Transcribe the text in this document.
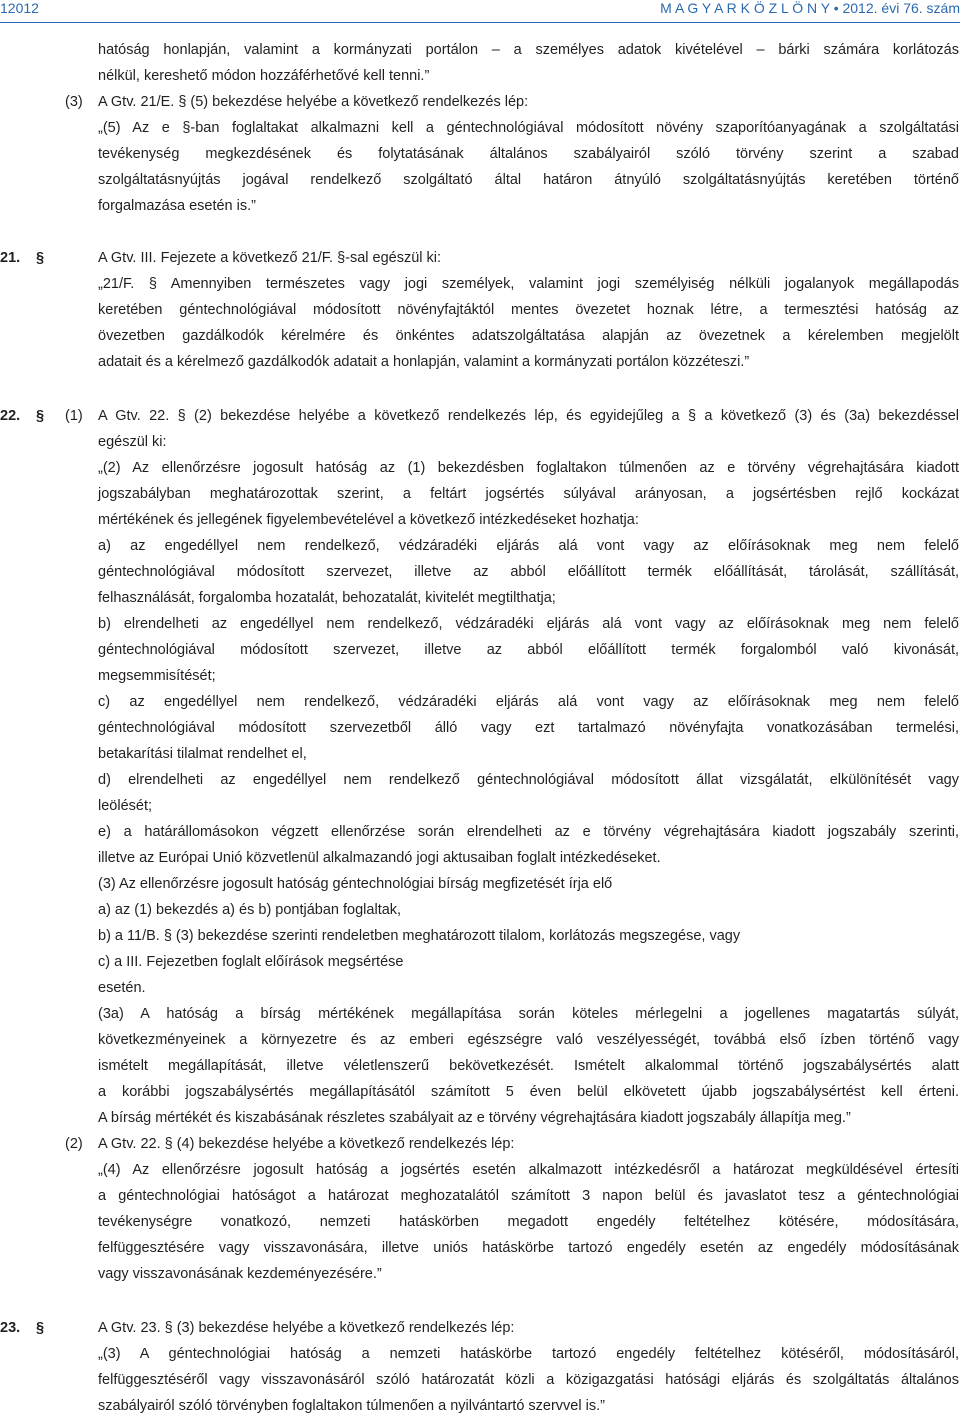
12012	M A G Y A R K Ö Z L Ö N Y • 2012. évi 76. szám
hatóság honlapján, valamint a kormányzati portálon – a személyes adatok kivételével – bárki számára korlátozás
nélkül, kereshető módon hozzáférhetővé kell tenni.”
(3) A Gtv. 21/E. § (5) bekezdése helyébe a következő rendelkezés lép:
„(5) Az e §-ban foglaltakat alkalmazni kell a géntechnológiával módosított növény szaporítóanyagának a szolgáltatási
tevékenység megkezdésének és folytatásának általános szabályairól szóló törvény szerint a szabad
szolgáltatásnyújtás jogával rendelkező szolgáltató által határon átnyúló szolgáltatásnyújtás keretében történő
forgalmazása esetén is.”
21. §	A Gtv. III. Fejezete a következő 21/F. §-sal egészül ki:
„21/F. § Amennyiben természetes vagy jogi személyek, valamint jogi személyiség nélküli jogalanyok megállapodás
keretében géntechnológiával módosított növényfajtáktól mentes övezetet hoznak létre, a termesztési hatóság az
övezetben gazdálkodók kérelmére és önkéntes adatszolgáltatása alapján az övezetnek a kérelemben megjelölt
adatait és a kérelmező gazdálkodók adatait a honlapján, valamint a kormányzati portálon közzéteszi.”
22. § (1) A Gtv. 22. § (2) bekezdése helyébe a következő rendelkezés lép, és egyidejűleg a § a következő (3) és (3a) bekezdéssel
egészül ki:
„(2) Az ellenőrzésre jogosult hatóság az (1) bekezdésben foglaltakon túlmenően az e törvény végrehajtására kiadott
jogszabályban meghatározottak szerint, a feltárt jogsértés súlyával arányosan, a jogsértésben rejlő kockázat
mértékének és jellegének figyelembevételével a következő intézkedéseket hozhatja:
a) az engedéllyel nem rendelkező, védzáradéki eljárás alá vont vagy az előírásoknak meg nem felelő
géntechnológiával módosított szervezet, illetve az abból előállított termék előállítását, tárolását, szállítását,
felhasználását, forgalomba hozatalát, behozatalát, kivitelét megtilthatja;
b) elrendelheti az engedéllyel nem rendelkező, védzáradéki eljárás alá vont vagy az előírásoknak meg nem felelő
géntechnológiával módosított szervezet, illetve az abból előállított termék forgalomból való kivonását,
megsemmisítését;
c) az engedéllyel nem rendelkező, védzáradéki eljárás alá vont vagy az előírásoknak meg nem felelő
géntechnológiával módosított szervezetből álló vagy ezt tartalmazó növényfajta vonatkozásában termelési,
betakarítási tilalmat rendelhet el,
d) elrendelheti az engedéllyel nem rendelkező géntechnológiával módosított állat vizsgálatát, elkülönítését vagy
leölését;
e) a határállomásokon végzett ellenőrzése során elrendelheti az e törvény végrehajtására kiadott jogszabály szerinti,
illetve az Európai Unió közvetlenül alkalmazandó jogi aktusaiban foglalt intézkedéseket.
(3) Az ellenőrzésre jogosult hatóság géntechnológiai bírság megfizetését írja elő
a) az (1) bekezdés a) és b) pontjában foglaltak,
b) a 11/B. § (3) bekezdése szerinti rendeletben meghatározott tilalom, korlátozás megszegése, vagy
c) a III. Fejezetben foglalt előírások megsértése
esetén.
(3a) A hatóság a bírság mértékének megállapítása során köteles mérlegelni a jogellenes magatartás súlyát,
következményeinek a környezetre és az emberi egészségre való veszélyességét, továbbá első ízben történő vagy
ismételt megállapítását, illetve véletlenszerű bekövetkezését. Ismételt alkalommal történő jogszabálysértés alatt
a korábbi jogszabálysértés megállapításától számított 5 éven belül elkövetett újabb jogszabálysértést kell érteni.
A bírság mértékét és kiszabásának részletes szabályait az e törvény végrehajtására kiadott jogszabály állapítja meg.”
(2) A Gtv. 22. § (4) bekezdése helyébe a következő rendelkezés lép:
„(4) Az ellenőrzésre jogosult hatóság a jogsértés esetén alkalmazott intézkedésről a határozat megküldésével értesíti
a géntechnológiai hatóságot a határozat meghozatalától számított 3 napon belül és javaslatot tesz a géntechnológiai
tevékenységre vonatkozó, nemzeti hatáskörben megadott engedély feltételhez kötésére, módosítására,
felfüggesztésére vagy visszavonására, illetve uniós hatáskörbe tartozó engedély esetén az engedély módosításának
vagy visszavonásának kezdeményezésére.”
23. §	A Gtv. 23. § (3) bekezdése helyébe a következő rendelkezés lép:
„(3) A géntechnológiai hatóság a nemzeti hatáskörbe tartozó engedély feltételhez kötéséről, módosításáról,
felfüggesztéséről vagy visszavonásáról szóló határozatát közli a közigazgatási hatósági eljárás és szolgáltatás általános
szabályairól szóló törvényben foglaltakon túlmenően a nyilvántartó szervvel is.”
